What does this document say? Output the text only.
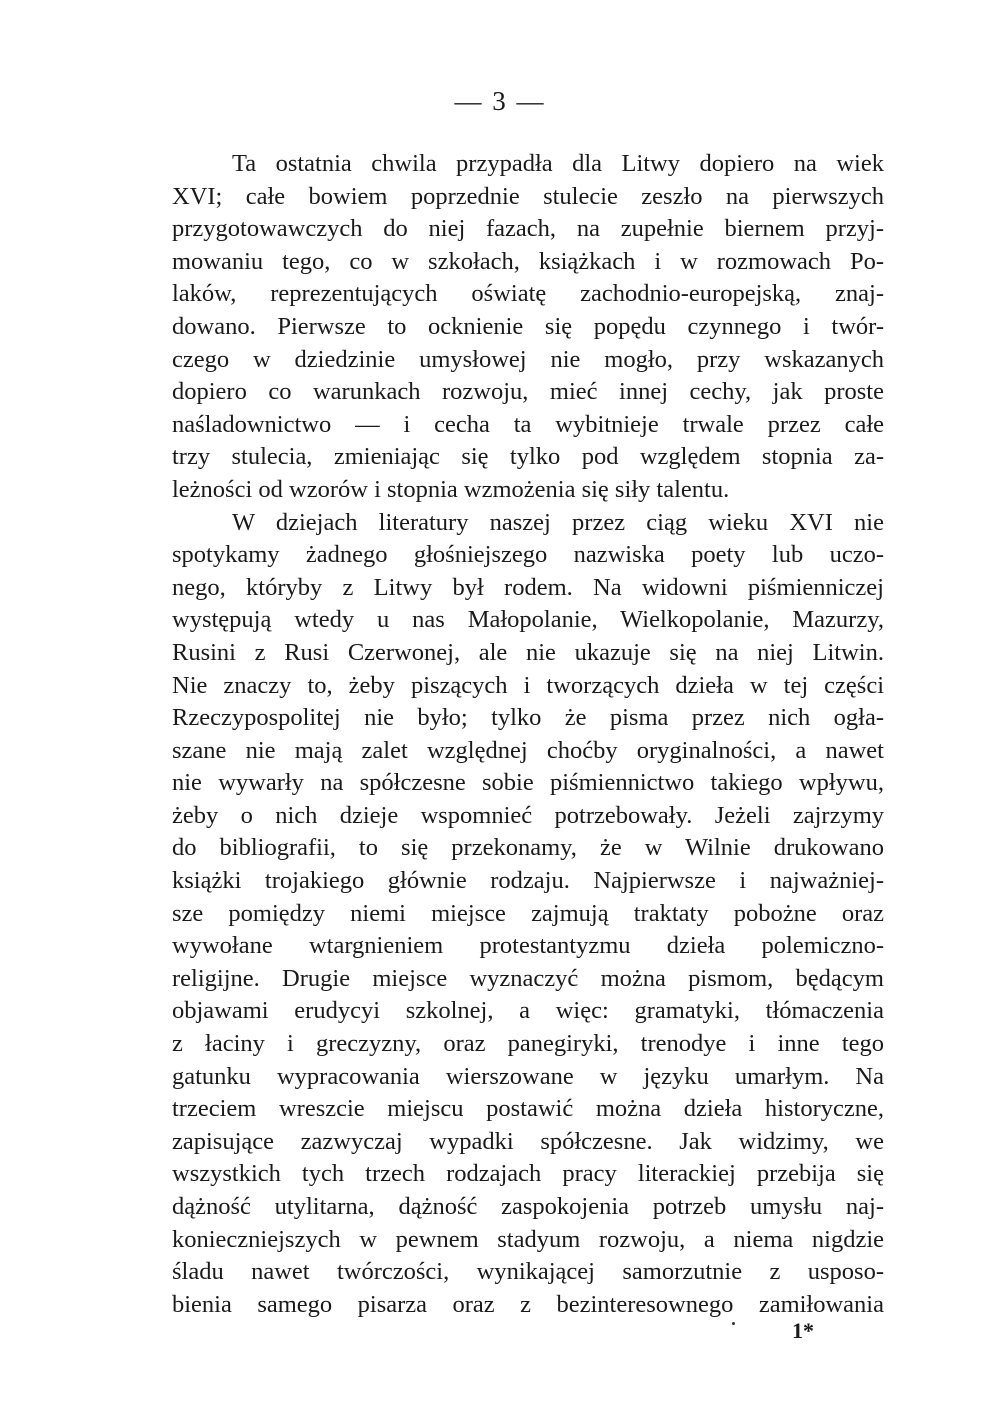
— 3 —
Ta ostatnia chwila przypadła dla Litwy dopiero na wiek
XVI; całe bowiem poprzednie stulecie zeszło na pierwszych
przygotowawczych do niej fazach, na zupełnie biernem przyj-
mowaniu tego, co w szkołach, książkach i w rozmowach Po-
laków, reprezentujących oświatę zachodnio-europejską, znaj-
dowano. Pierwsze to ocknienie się popędu czynnego i twór-
czego w dziedzinie umysłowej nie mogło, przy wskazanych
dopiero co warunkach rozwoju, mieć innej cechy, jak proste
naśladownictwo — i cecha ta wybitnieje trwale przez całe
trzy stulecia, zmieniając się tylko pod względem stopnia za-
leżności od wzorów i stopnia wzmożenia się siły talentu.
W dziejach literatury naszej przez ciąg wieku XVI nie
spotykamy żadnego głośniejszego nazwiska poety lub uczo-
nego, któryby z Litwy był rodem. Na widowni piśmienniczej
występują wtedy u nas Małopolanie, Wielkopolanie, Mazurzy,
Rusini z Rusi Czerwonej, ale nie ukazuje się na niej Litwin.
Nie znaczy to, żeby piszących i tworzących dzieła w tej części
Rzeczypospolitej nie było; tylko że pisma przez nich ogła-
szane nie mają zalet względnej choćby oryginalności, a nawet
nie wywarły na spółczesne sobie piśmiennictwo takiego wpływu,
żeby o nich dzieje wspomnieć potrzebowały. Jeżeli zajrzymy
do bibliografii, to się przekonamy, że w Wilnie drukowano
książki trojakiego głównie rodzaju. Najpierwsze i najważniej-
sze pomiędzy niemi miejsce zajmują traktaty pobożne oraz
wywołane wtargnieniem protestantyzmu dzieła polemiczno-
religijne. Drugie miejsce wyznaczyć można pismom, będącym
objawami erudycyi szkolnej, a więc: gramatyki, tłómaczenia
z łaciny i greczyzny, oraz panegiryki, trenodye i inne tego
gatunku wypracowania wierszowane w języku umarłym. Na
trzeciem wreszcie miejscu postawić można dzieła historyczne,
zapisujące zazwyczaj wypadki spółczesne. Jak widzimy, we
wszystkich tych trzech rodzajach pracy literackiej przebija się
dążność utylitarna, dążność zaspokojenia potrzeb umysłu naj-
konieczniejszych w pewnem stadyum rozwoju, a niema nigdzie
śladu nawet twórczości, wynikającej samorzutnie z usposo-
bienia samego pisarza oraz z bezinteresownego zamiłowania
1*
